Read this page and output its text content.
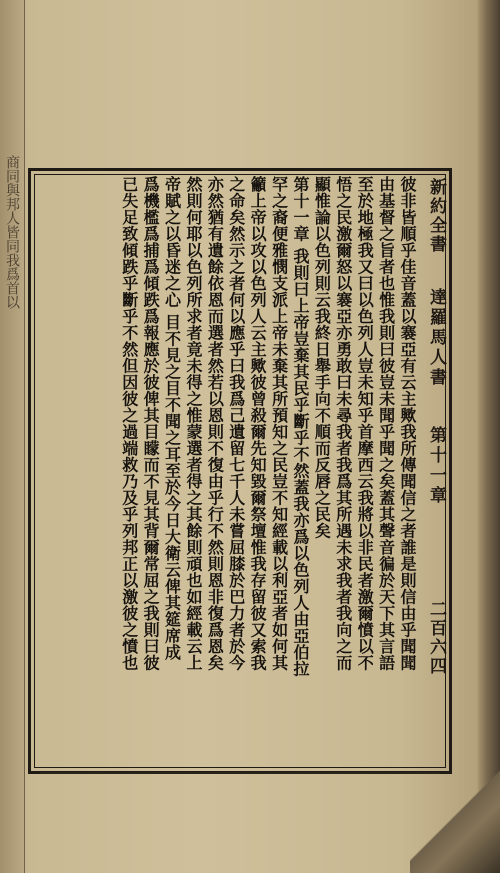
商同與邦人皆同我爲首以	新約全書
達羅馬人書第十一章
二百六四
彼非皆順乎佳音蓋以褰亞有云主歟我所傳聞信之者誰是則信由乎聞聞
由基督之旨者也惟我則曰彼豈未聞乎聞之矣蓋其聲音徧於天下其言語
至於地極我又曰以色列人豈未知乎首摩西云我將以非民者激爾憤以不
悟之民激爾怒以褰亞亦勇敢曰未尋我者我爲其所遇未求我者我向之而
顯惟論以色列則云我終日舉手向不順而反唇之民矣
第十一章 我則曰上帝豈棄其民乎斷乎不然蓋我亦爲以色列人由亞伯拉
罕之裔便雅憫支派上帝未棄其所預知之民豈不知經載以利亞者如何其
籲上帝以攻以色列人云主歟彼曾殺爾先知毀爾祭壇惟我存留彼又索我
之命矣然示之者何以應乎曰我爲己遺留七千人未嘗屈膝於巴力者於今
亦然猶有遺餘依恩而選者然若以恩則不復由乎行不然則恩非復爲恩矣
然則何耶以色列所求者竟未得之惟蒙選者得之其餘則頑也如經載云上
帝賦之以昏迷之心 目不見之目不聞之耳至於今日大衛云俾其筵席成
爲機檻爲捕爲傾跌爲報應於彼俾其目矇而不見其背爾常屈之我則曰彼
已失足致傾跌乎斷乎不然但因彼之過端救乃及乎列邦正以激彼之憤也
